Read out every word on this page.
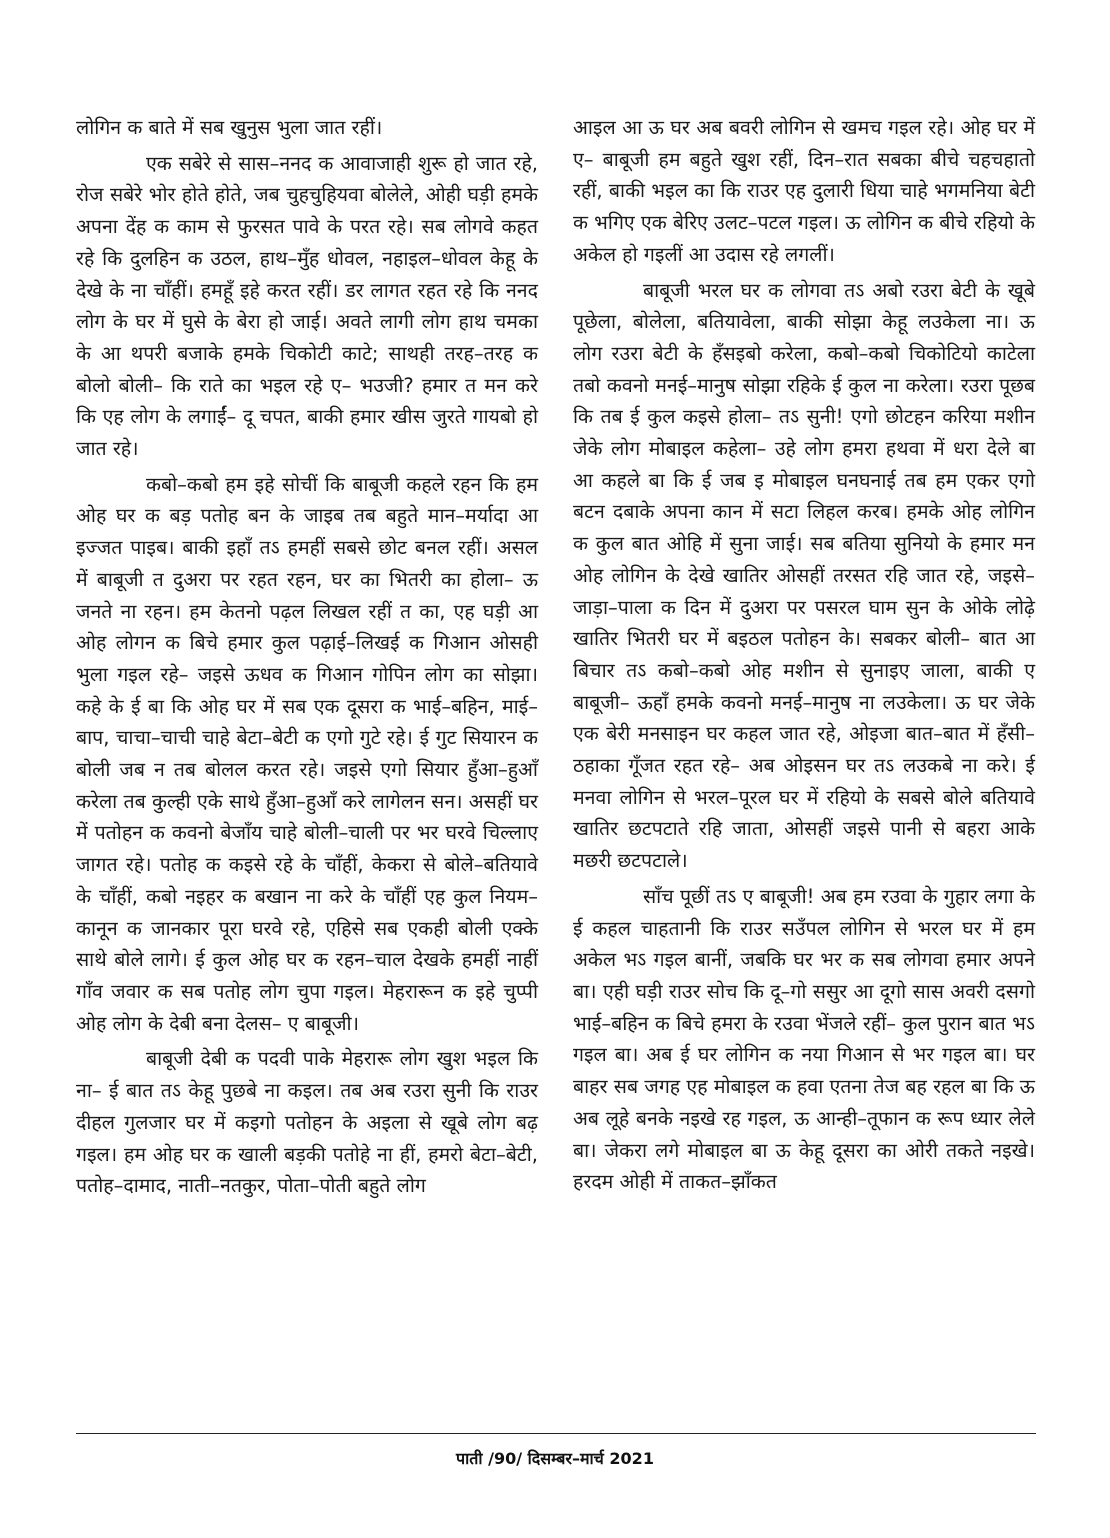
लोगिन क बाते में सब खुनुस भुला जात रहीं।

एक सबेरे से सास–ननद क आवाजाही शुरू हो जात रहे, रोज सबेरे भोर होते होते, जब चुहचुहियवा बोलेले, ओही घड़ी हमके अपना देंह क काम से फुरसत पावे के परत रहे। सब लोगवे कहत रहे कि दुलहिन क उठल, हाथ–मुँह धोवल, नहाइल–धोवल केहू के देखे के ना चाँहीं। हमहूँ इहे करत रहीं। डर लागत रहत रहे कि ननद लोग के घर में घुसे के बेरा हो जाई। अवते लागी लोग हाथ चमका के आ थपरी बजाके हमके चिकोटी काटे; साथही तरह–तरह क बोलो बोली– कि राते का भइल रहे ए– भउजी? हमार त मन करे कि एह लोग के लगाईं– दू चपत, बाकी हमार खीस जुरते गायबो हो जात रहे।

कबो–कबो हम इहे सोचीं कि बाबूजी कहले रहन कि हम ओह घर क बड़ पतोह बन के जाइब तब बहुते मान–मर्यादा आ इज्जत पाइब। बाकी इहाँ तऽ हमहीं सबसे छोट बनल रहीं। असल में बाबूजी त दुअरा पर रहत रहन, घर का भितरी का होला– ऊ जनते ना रहन। हम केतनो पढ़ल लिखल रहीं त का, एह घड़ी आ ओह लोगन क बिचे हमार कुल पढ़ाई–लिखई क गिआन ओसही भुला गइल रहे– जइसे ऊधव क गिआन गोपिन लोग का सोझा। कहे के ई बा कि ओह घर में सब एक दूसरा क भाई–बहिन, माई–बाप, चाचा–चाची चाहे बेटा–बेटी क एगो गुटे रहे। ई गुट सियारन क बोली जब न तब बोलल करत रहे। जइसे एगो सियार हुँआ–हुआँ करेला तब कुल्ही एके साथे हुँआ–हुआँ करे लागेलन सन। असहीं घर में पतोहन क कवनो बेजाँय चाहे बोली–चाली पर भर घरवे चिल्लाए जागत रहे। पतोह क कइसे रहे के चाँहीं, केकरा से बोले–बतियावे के चाँहीं, कबो नइहर क बखान ना करे के चाँहीं एह कुल नियम–कानून क जानकार पूरा घरवे रहे, एहिसे सब एकही बोली एक्के साथे बोले लागे। ई कुल ओह घर क रहन–चाल देखके हमहीं नाहीं गाँव जवार क सब पतोह लोग चुपा गइल। मेहरारून क इहे चुप्पी ओह लोग के देबी बना देलस– ए बाबूजी।

बाबूजी देबी क पदवी पाके मेहरारू लोग खुश भइल कि ना– ई बात तऽ केहू पुछबे ना कइल। तब अब रउरा सुनी कि राउर दीहल गुलजार घर में कइगो पतोहन के अइला से खूबे लोग बढ़ गइल। हम ओह घर क खाली बड़की पतोहे ना हीं, हमरो बेटा–बेटी, पतोह–दामाद, नाती–नतकुर, पोता–पोती बहुते लोग

आइल आ ऊ घर अब बवरी लोगिन से खमच गइल रहे। ओह घर में ए– बाबूजी हम बहुते खुश रहीं, दिन–रात सबका बीचे चहचहातो रहीं, बाकी भइल का कि राउर एह दुलारी धिया चाहे भगमनिया बेटी क भगिए एक बेरिए उलट–पटल गइल। ऊ लोगिन क बीचे रहियो के अकेल हो गइलीं आ उदास रहे लगलीं।

बाबूजी भरल घर क लोगवा तऽ अबो रउरा बेटी के खूबे पूछेला, बोलेला, बतियावेला, बाकी सोझा केहू लउकेला ना। ऊ लोग रउरा बेटी के हँसइबो करेला, कबो–कबो चिकोटियो काटेला तबो कवनो मनई–मानुष सोझा रहिके ई कुल ना करेला। रउरा पूछब कि तब ई कुल कइसे होला– तऽ सुनी! एगो छोटहन करिया मशीन जेके लोग मोबाइल कहेला– उहे लोग हमरा हथवा में धरा देले बा आ कहले बा कि ई जब इ मोबाइल घनघनाई तब हम एकर एगो बटन दबाके अपना कान में सटा लिहल करब। हमके ओह लोगिन क कुल बात ओहि में सुना जाई। सब बतिया सुनियो के हमार मन ओह लोगिन के देखे खातिर ओसहीं तरसत रहि जात रहे, जइसे–जाड़ा–पाला क दिन में दुअरा पर पसरल घाम सुन के ओके लोढ़े खातिर भितरी घर में बइठल पतोहन के। सबकर बोली– बात आ बिचार तऽ कबो–कबो ओह मशीन से सुनाइए जाला, बाकी ए बाबूजी– ऊहाँ हमके कवनो मनई–मानुष ना लउकेला। ऊ घर जेके एक बेरी मनसाइन घर कहल जात रहे, ओइजा बात–बात में हँसी–ठहाका गूँजत रहत रहे– अब ओइसन घर तऽ लउकबे ना करे। ई मनवा लोगिन से भरल–पूरल घर में रहियो के सबसे बोले बतियावे खातिर छटपटाते रहि जाता, ओसहीं जइसे पानी से बहरा आके मछरी छटपटाले।

साँच पूछीं तऽ ए बाबूजी! अब हम रउवा के गुहार लगा के ई कहल चाहतानी कि राउर सउँपल लोगिन से भरल घर में हम अकेल भऽ गइल बानीं, जबकि घर भर क सब लोगवा हमार अपने बा। एही घड़ी राउर सोच कि दू–गो ससुर आ दूगो सास अवरी दसगो भाई–बहिन क बिचे हमरा के रउवा भेंजले रहीं– कुल पुरान बात भऽ गइल बा। अब ई घर लोगिन क नया गिआन से भर गइल बा। घर बाहर सब जगह एह मोबाइल क हवा एतना तेज बह रहल बा कि ऊ अब लूहे बनके नइखे रह गइल, ऊ आन्ही–तूफान क रूप ध्यार लेले बा। जेकरा लगे मोबाइल बा ऊ केहू दूसरा का ओरी तकते नइखे। हरदम ओही में ताकत–झाँकत

पाती /90/ दिसम्बर–मार्च 2021
